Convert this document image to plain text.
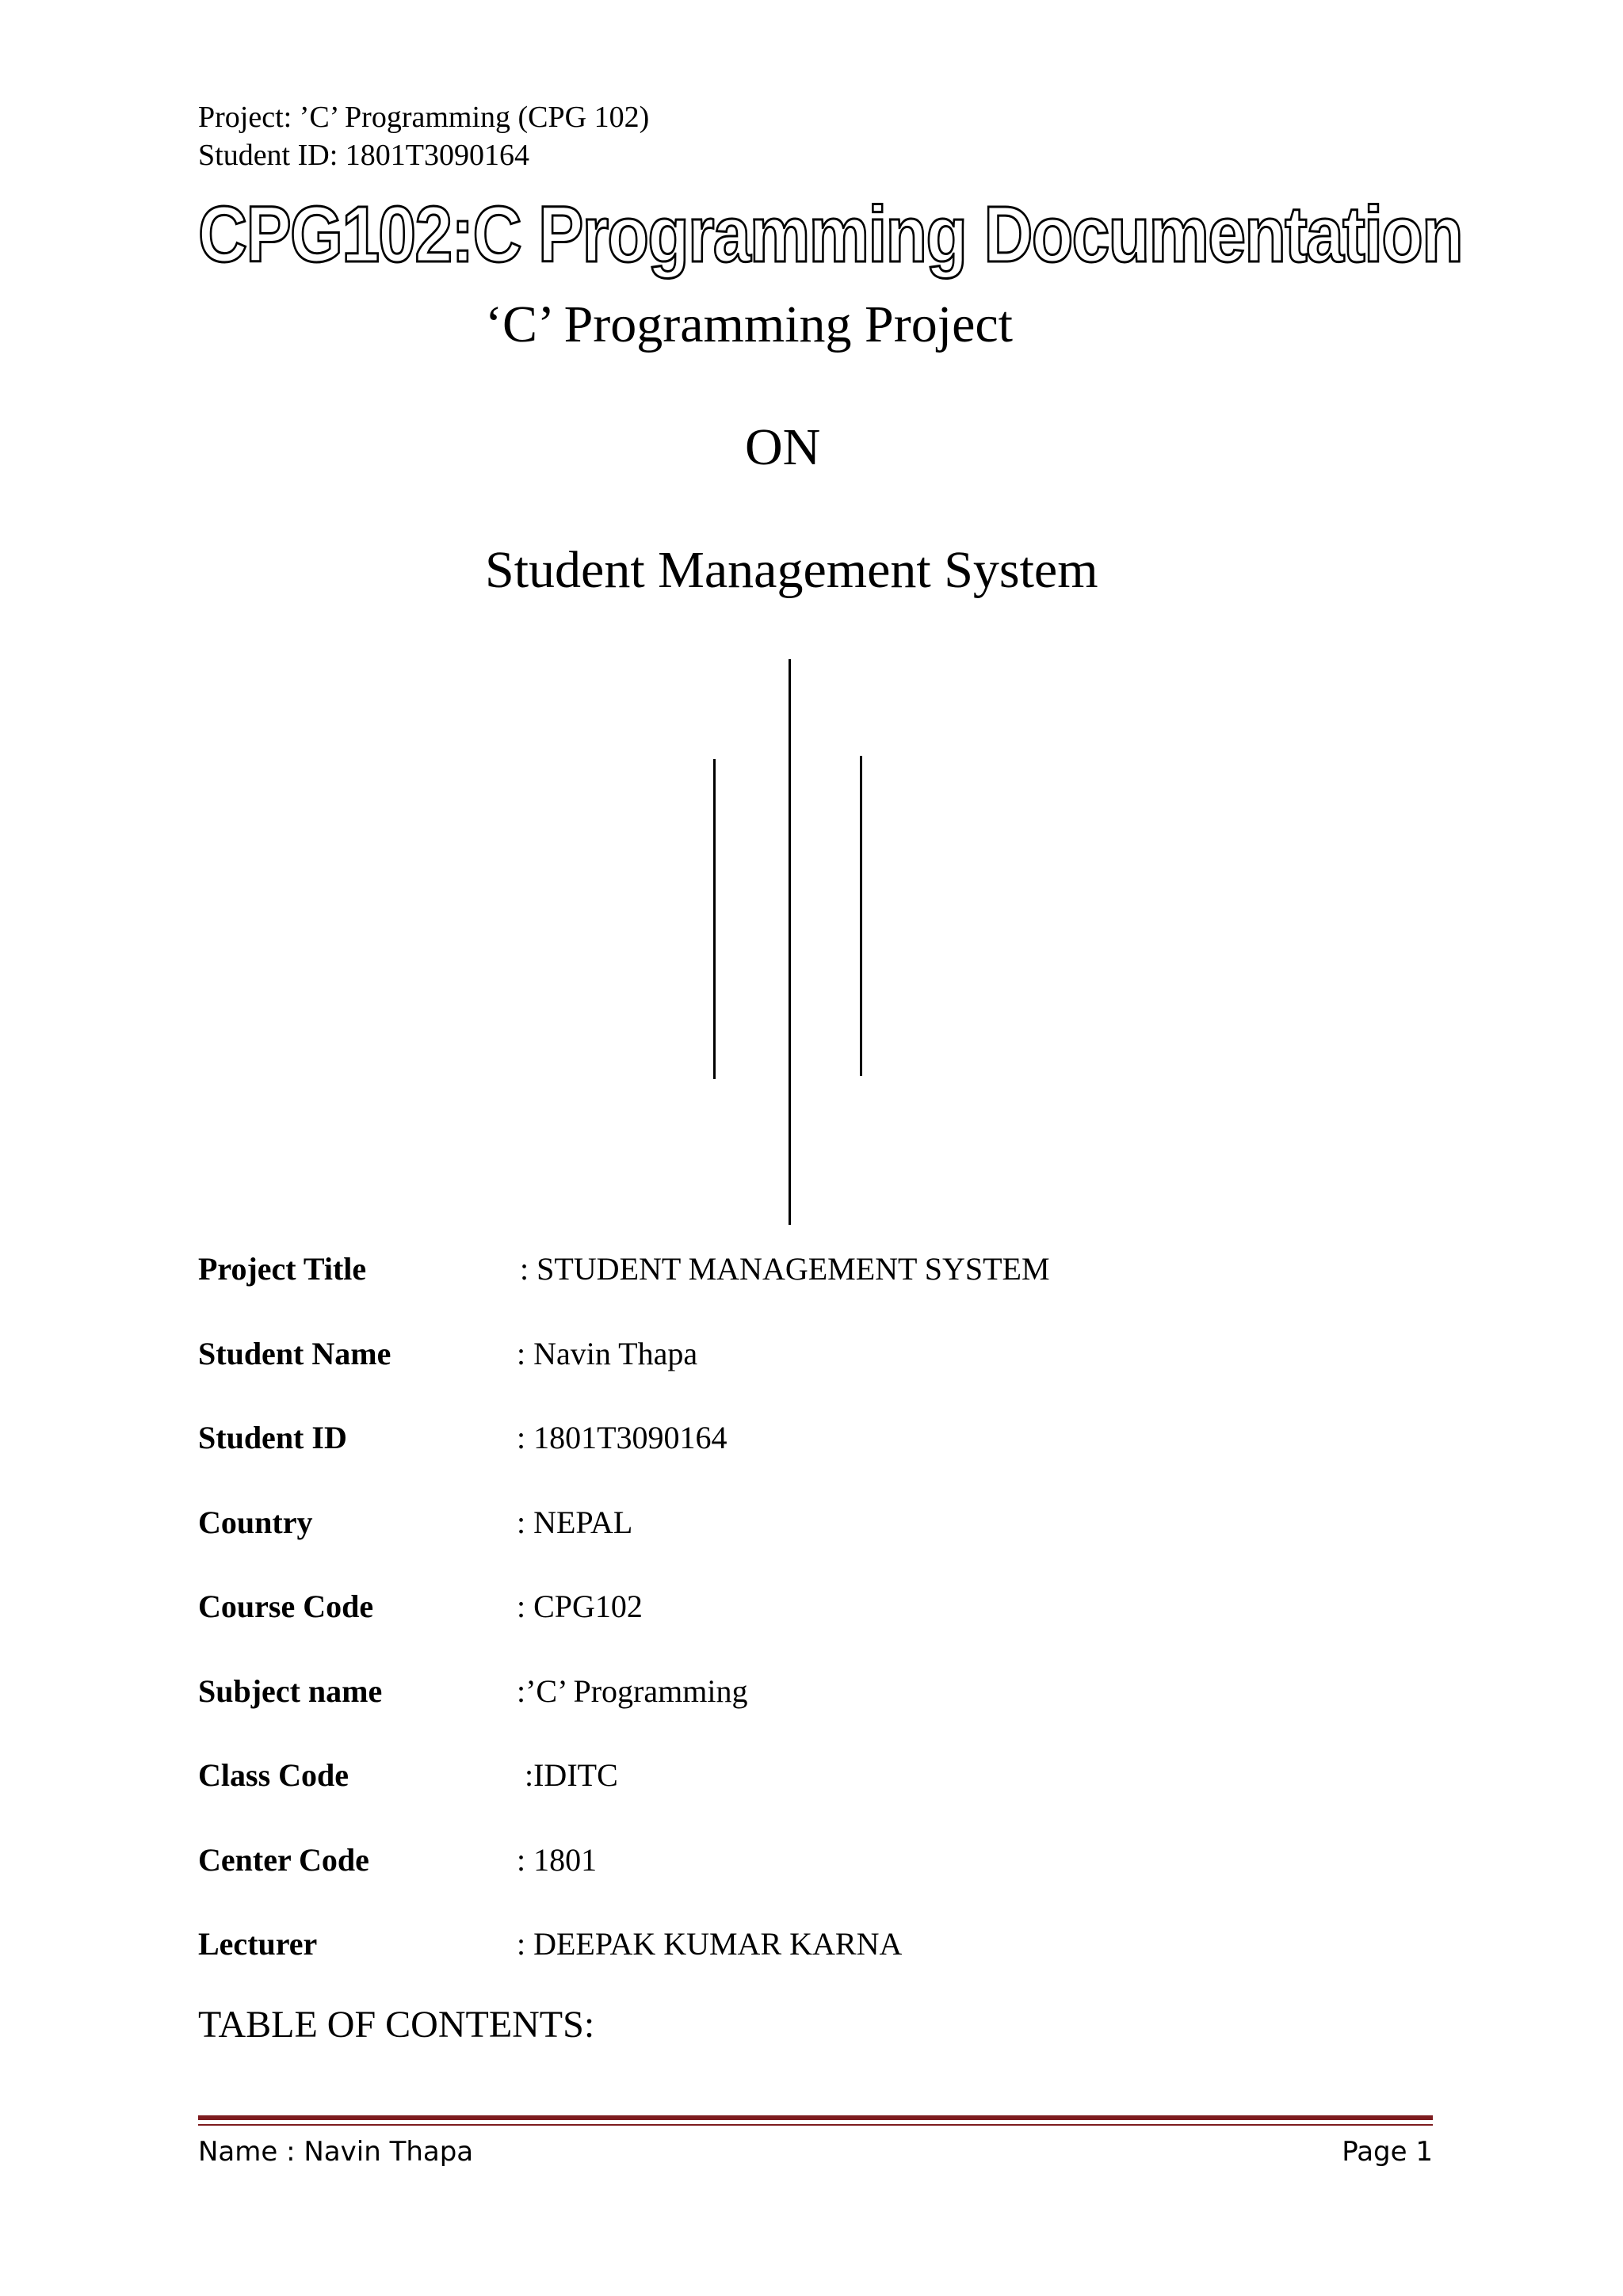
Project: ’C’ Programming (CPG 102)
Student ID: 1801T3090164
CPG102:C Programming Documentation
‘C’ Programming Project
ON
Student Management System
Project Title	: STUDENT MANAGEMENT SYSTEM
Student Name	: Navin Thapa
Student ID	: 1801T3090164
Country	: NEPAL
Course Code	: CPG102
Subject name	:’C’ Programming
Class Code	:IDITC
Center Code	: 1801
Lecturer	: DEEPAK KUMAR KARNA
TABLE OF CONTENTS:
Name : Navin Thapa	Page 1
